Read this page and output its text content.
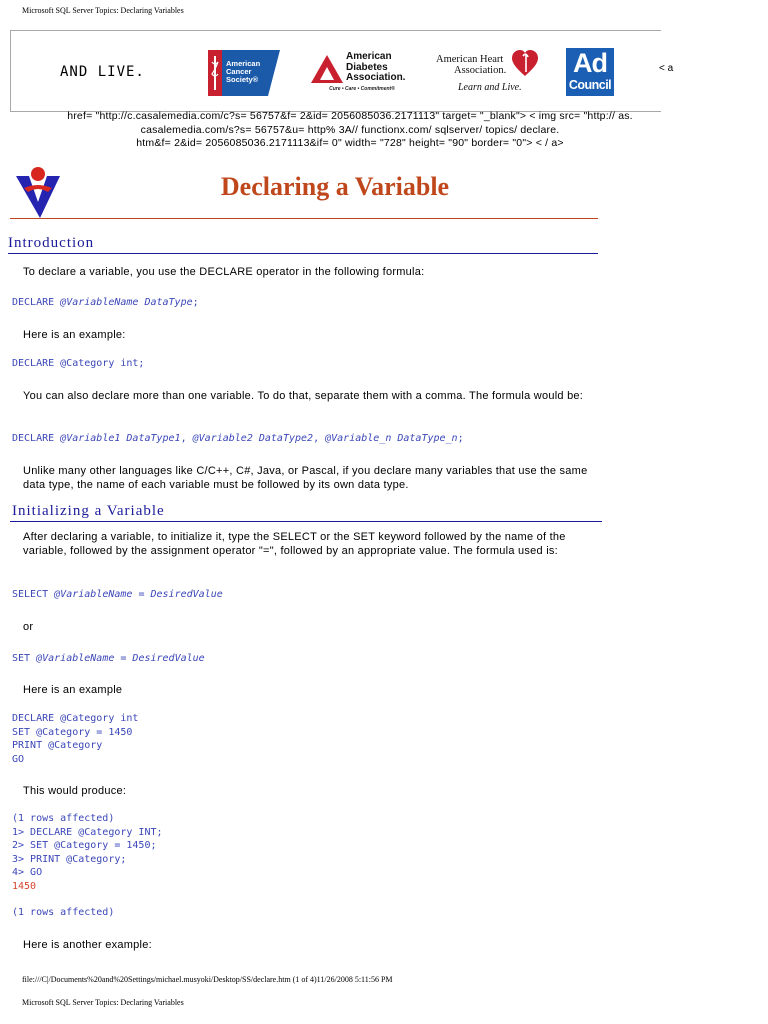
Microsoft SQL Server Topics: Declaring Variables
AND LIVE.
American
Cancer
Society®
American
Diabetes
Association.
Cure • Care • Commitment®
American Heart
Association.
Learn and Live.
Ad
Council
< a
href= "http://c.casalemedia.com/c?s= 56757&f= 2&id= 2056085036.2171113" target= "_blank"> < img src= "http:// as.
casalemedia.com/s?s= 56757&u= http% 3A// functionx.com/ sqlserver/ topics/ declare.
htm&f= 2&id= 2056085036.2171113&if= 0" width= "728" height= "90" border= "0"> < / a>
Declaring a Variable
Introduction
To declare a variable, you use the DECLARE operator in the following formula:
DECLARE @VariableName DataType;
Here is an example:
DECLARE @Category int;
You can also declare more than one variable. To do that, separate them with a comma. The formula would be:
DECLARE @Variable1 DataType1, @Variable2 DataType2, @Variable_n DataType_n;
Unlike many other languages like C/C++, C#, Java, or Pascal, if you declare many variables that use the same data type, the name of each variable must be followed by its own data type.
Initializing a Variable
After declaring a variable, to initialize it, type the SELECT or the SET keyword followed by the name of the variable, followed by the assignment operator "=", followed by an appropriate value. The formula used is:
SELECT @VariableName = DesiredValue
or
SET @VariableName = DesiredValue
Here is an example
DECLARE @Category int
SET @Category = 1450
PRINT @Category
GO
This would produce:
(1 rows affected)
1> DECLARE @Category INT;
2> SET @Category = 1450;
3> PRINT @Category;
4> GO
1450
(1 rows affected)
Here is another example:
file:///C|/Documents%20and%20Settings/michael.musyoki/Desktop/SS/declare.htm (1 of 4)11/26/2008 5:11:56 PM
Microsoft SQL Server Topics: Declaring Variables
